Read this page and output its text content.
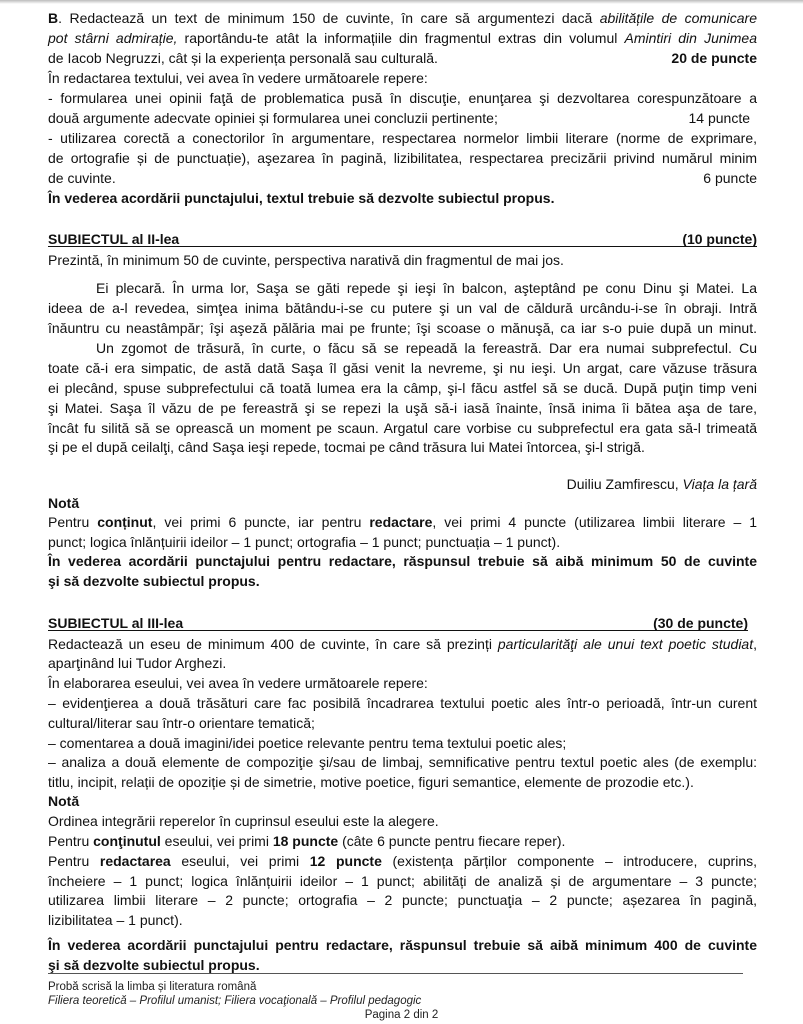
B. Redactează un text de minimum 150 de cuvinte, în care să argumentezi dacă abilitățile de comunicare
pot stârni admirație, raportându-te atât la informațiile din fragmentul extras din volumul Amintiri din Junimea
de Iacob Negruzzi, cât și la experiența personală sau culturală.	20 de puncte
În redactarea textului, vei avea în vedere următoarele repere:
- formularea unei opinii faţă de problematica pusă în discuţie, enunţarea şi dezvoltarea corespunzătoare a
două argumente adecvate opiniei și formularea unei concluzii pertinente;	14 puncte
- utilizarea corectă a conectorilor în argumentare, respectarea normelor limbii literare (norme de exprimare,
de ortografie și de punctuație), aşezarea în pagină, lizibilitatea, respectarea precizării privind numărul minim
de cuvinte.	6 puncte
În vederea acordării punctajului, textul trebuie să dezvolte subiectul propus.
SUBIECTUL al II-lea	(10 puncte)
Prezintă, în minimum 50 de cuvinte, perspectiva narativă din fragmentul de mai jos.
Ei plecară. În urma lor, Saşa se găti repede şi ieşi în balcon, aşteptând pe conu Dinu şi Matei. La
ideea de a-l revedea, simţea inima bătându-i-se cu putere şi un val de căldură urcându-i-se în obraji. Intră
înăuntru cu neastâmpăr; îşi aşeză pălăria mai pe frunte; îşi scoase o mănuşă, ca iar s-o puie după un minut.
Un zgomot de trăsură, în curte, o făcu să se repeadă la fereastră. Dar era numai subprefectul. Cu
toate că-i era simpatic, de astă dată Saşa îl găsi venit la nevreme, şi nu ieşi. Un argat, care văzuse trăsura
ei plecând, spuse subprefectului că toată lumea era la câmp, şi-l făcu astfel să se ducă. După puţin timp veni
şi Matei. Saşa îl văzu de pe fereastră şi se repezi la uşă să-i iasă înainte, însă inima îi bătea aşa de tare,
încât fu silită să se oprească un moment pe scaun. Argatul care vorbise cu subprefectul era gata să-l trimeată
şi pe el după ceilalţi, când Saşa ieşi repede, tocmai pe când trăsura lui Matei întorcea, şi-l strigă.
Duiliu Zamfirescu, Viața la țară
Notă
Pentru conținut, vei primi 6 puncte, iar pentru redactare, vei primi 4 puncte (utilizarea limbii literare – 1
punct; logica înlănțuirii ideilor – 1 punct; ortografia – 1 punct; punctuația – 1 punct).
În vederea acordării punctajului pentru redactare, răspunsul trebuie să aibă minimum 50 de cuvinte
şi să dezvolte subiectul propus.
SUBIECTUL al III-lea	(30 de puncte)
Redactează un eseu de minimum 400 de cuvinte, în care să prezinți particularităţi ale unui text poetic studiat,
aparţinând lui Tudor Arghezi.
În elaborarea eseului, vei avea în vedere următoarele repere:
– evidenţierea a două trăsături care fac posibilă încadrarea textului poetic ales într-o perioadă, într-un curent
cultural/literar sau într-o orientare tematică;
– comentarea a două imagini/idei poetice relevante pentru tema textului poetic ales;
– analiza a două elemente de compoziţie şi/sau de limbaj, semnificative pentru textul poetic ales (de exemplu:
titlu, incipit, relații de opoziție și de simetrie, motive poetice, figuri semantice, elemente de prozodie etc.).
Notă
Ordinea integrării reperelor în cuprinsul eseului este la alegere.
Pentru conţinutul eseului, vei primi 18 puncte (câte 6 puncte pentru fiecare reper).
Pentru redactarea eseului, vei primi 12 puncte (existența părților componente – introducere, cuprins,
încheiere – 1 punct; logica înlănțuirii ideilor – 1 punct; abilități de analiză și de argumentare – 3 puncte;
utilizarea limbii literare – 2 puncte; ortografia – 2 puncte; punctuaţia – 2 puncte; așezarea în pagină,
lizibilitatea – 1 punct).
În vederea acordării punctajului pentru redactare, răspunsul trebuie să aibă minimum 400 de cuvinte
şi să dezvolte subiectul propus.
Probă scrisă la limba și literatura română
Filiera teoretică – Profilul umanist; Filiera vocaţională – Profilul pedagogic
Pagina 2 din 2
